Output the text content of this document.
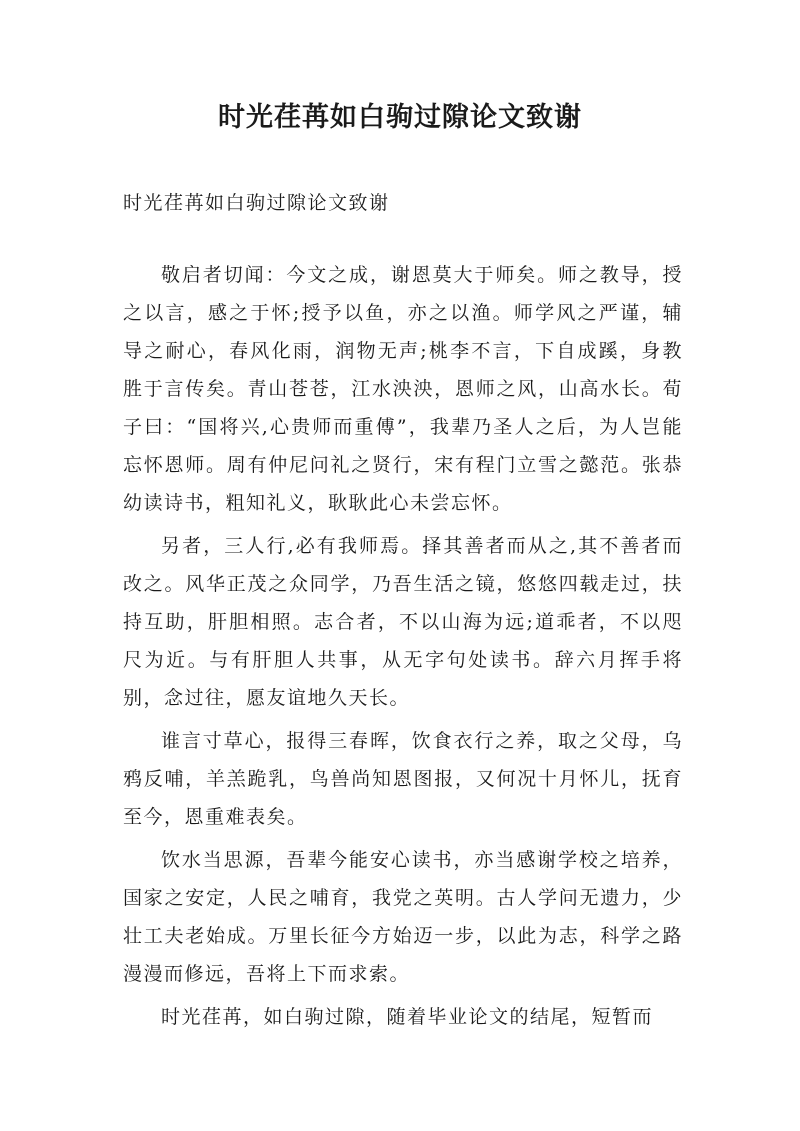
时光荏苒如白驹过隙论文致谢

时光荏苒如白驹过隙论文致谢

敬启者切闻：今文之成，谢恩莫大于师矣。师之教导，授之以言，感之于怀;授予以鱼，亦之以渔。师学风之严谨，辅导之耐心，春风化雨，润物无声;桃李不言，下自成蹊，身教胜于言传矣。青山苍苍，江水泱泱，恩师之风，山高水长。荀子曰：“国将兴,心贵师而重傅”，我辈乃圣人之后，为人岂能忘怀恩师。周有仲尼问礼之贤行，宋有程门立雪之懿范。张恭幼读诗书，粗知礼义，耿耿此心未尝忘怀。

另者，三人行,必有我师焉。择其善者而从之,其不善者而改之。风华正茂之众同学，乃吾生活之镜，悠悠四载走过，扶持互助，肝胆相照。志合者，不以山海为远;道乖者，不以咫尺为近。与有肝胆人共事，从无字句处读书。辞六月挥手将别，念过往，愿友谊地久天长。

谁言寸草心，报得三春晖，饮食衣行之养，取之父母，乌鸦反哺，羊羔跪乳，鸟兽尚知恩图报，又何况十月怀儿，抚育至今，恩重难表矣。

饮水当思源，吾辈今能安心读书，亦当感谢学校之培养，国家之安定，人民之哺育，我党之英明。古人学问无遗力，少壮工夫老始成。万里长征今方始迈一步，以此为志，科学之路漫漫而修远，吾将上下而求索。

时光荏苒，如白驹过隙，随着毕业论文的结尾，短暂而
